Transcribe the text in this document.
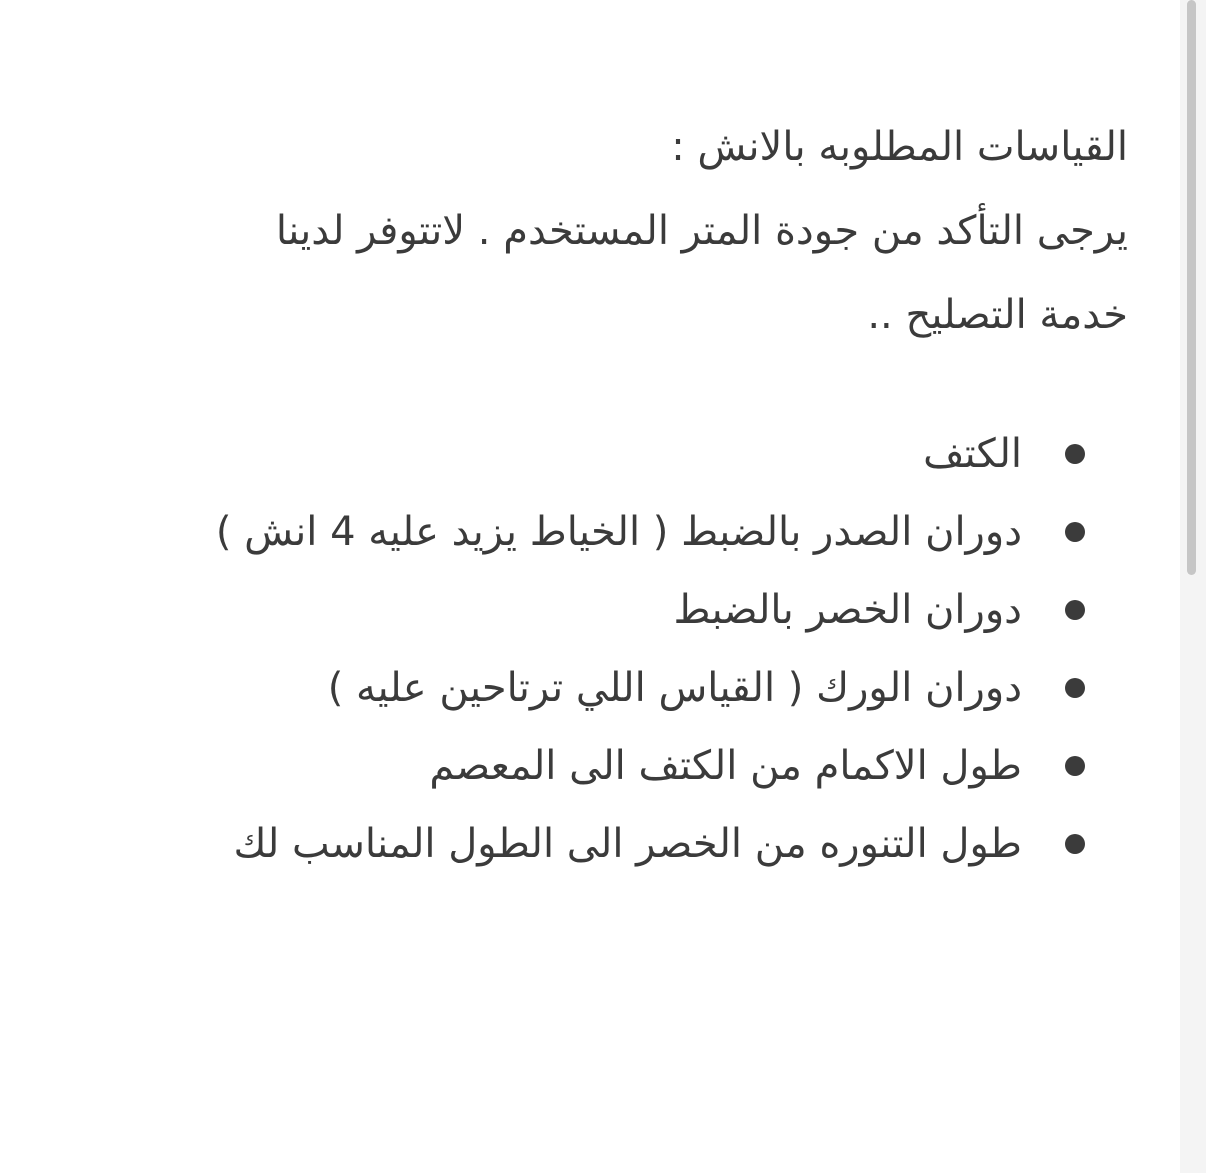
القياسات المطلوبه بالانش :

يرجى التأكد من جودة المتر المستخدم . لاتتوفر لدينا

خدمة التصليح ..

الكتف
دوران الصدر بالضبط ( الخياط يزيد عليه 4 انش )
دوران الخصر بالضبط
دوران الورك ( القياس اللي ترتاحين عليه )
طول الاكمام من الكتف الى المعصم
طول التنوره من الخصر الى الطول المناسب لك
